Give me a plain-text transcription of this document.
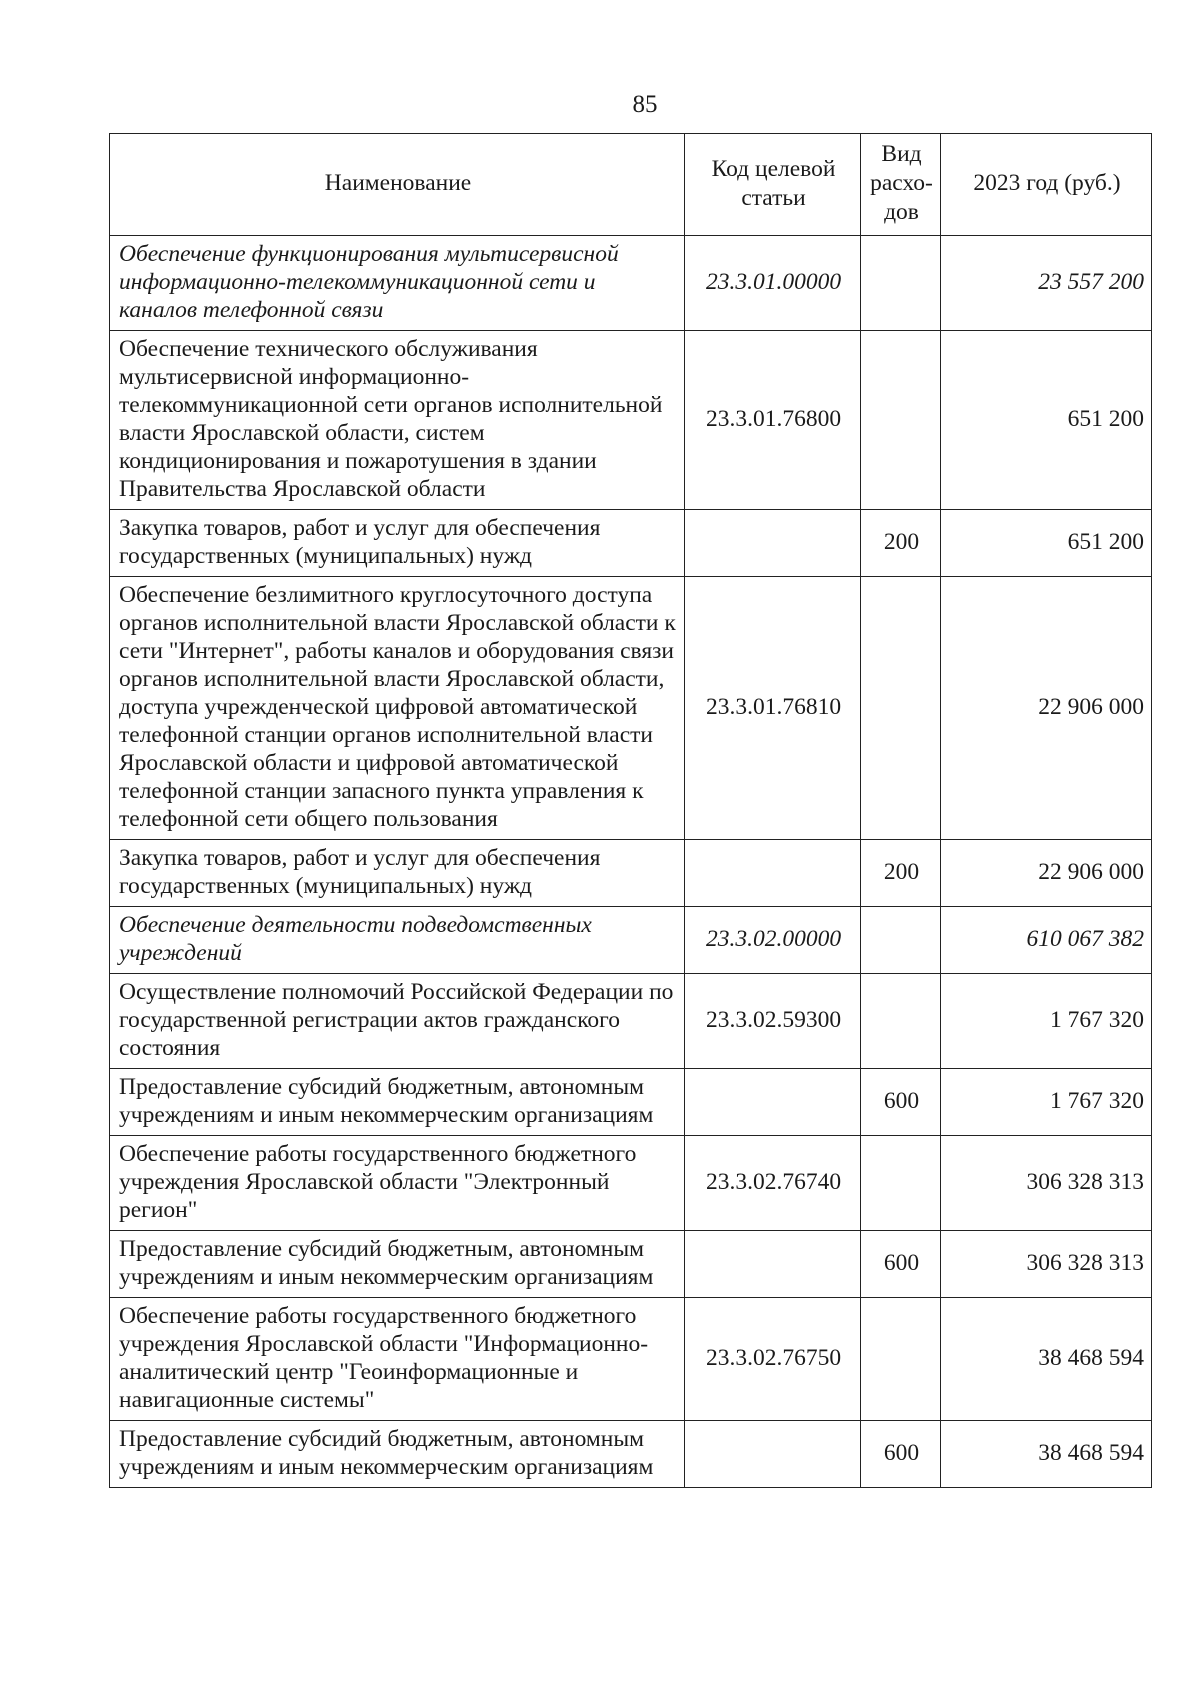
85
Наименование	Код целевой статьи	Вид расхо-дов	2023 год (руб.)
Обеспечение функционирования мультисервисной информационно-телекоммуникационной сети и каналов телефонной связи	23.3.01.00000		23 557 200
Обеспечение технического обслуживания мультисервисной информационно-телекоммуникационной сети органов исполнительной власти Ярославской области, систем кондиционирования и пожаротушения в здании Правительства Ярославской области	23.3.01.76800		651 200
Закупка товаров, работ и услуг для обеспечения государственных (муниципальных) нужд		200	651 200
Обеспечение безлимитного круглосуточного доступа органов исполнительной власти Ярославской области к сети "Интернет", работы каналов и оборудования связи органов исполнительной власти Ярославской области, доступа учрежденческой цифровой автоматической телефонной станции органов исполнительной власти Ярославской области и цифровой автоматической телефонной станции запасного пункта управления к телефонной сети общего пользования	23.3.01.76810		22 906 000
Закупка товаров, работ и услуг для обеспечения государственных (муниципальных) нужд		200	22 906 000
Обеспечение деятельности подведомственных учреждений	23.3.02.00000		610 067 382
Осуществление полномочий Российской Федерации по государственной регистрации актов гражданского состояния	23.3.02.59300		1 767 320
Предоставление субсидий бюджетным, автономным учреждениям и иным некоммерческим организациям		600	1 767 320
Обеспечение работы государственного бюджетного учреждения Ярославской области "Электронный регион"	23.3.02.76740		306 328 313
Предоставление субсидий бюджетным, автономным учреждениям и иным некоммерческим организациям		600	306 328 313
Обеспечение работы государственного бюджетного учреждения Ярославской области "Информационно-аналитический центр "Геоинформационные и навигационные системы"	23.3.02.76750		38 468 594
Предоставление субсидий бюджетным, автономным учреждениям и иным некоммерческим организациям		600	38 468 594
